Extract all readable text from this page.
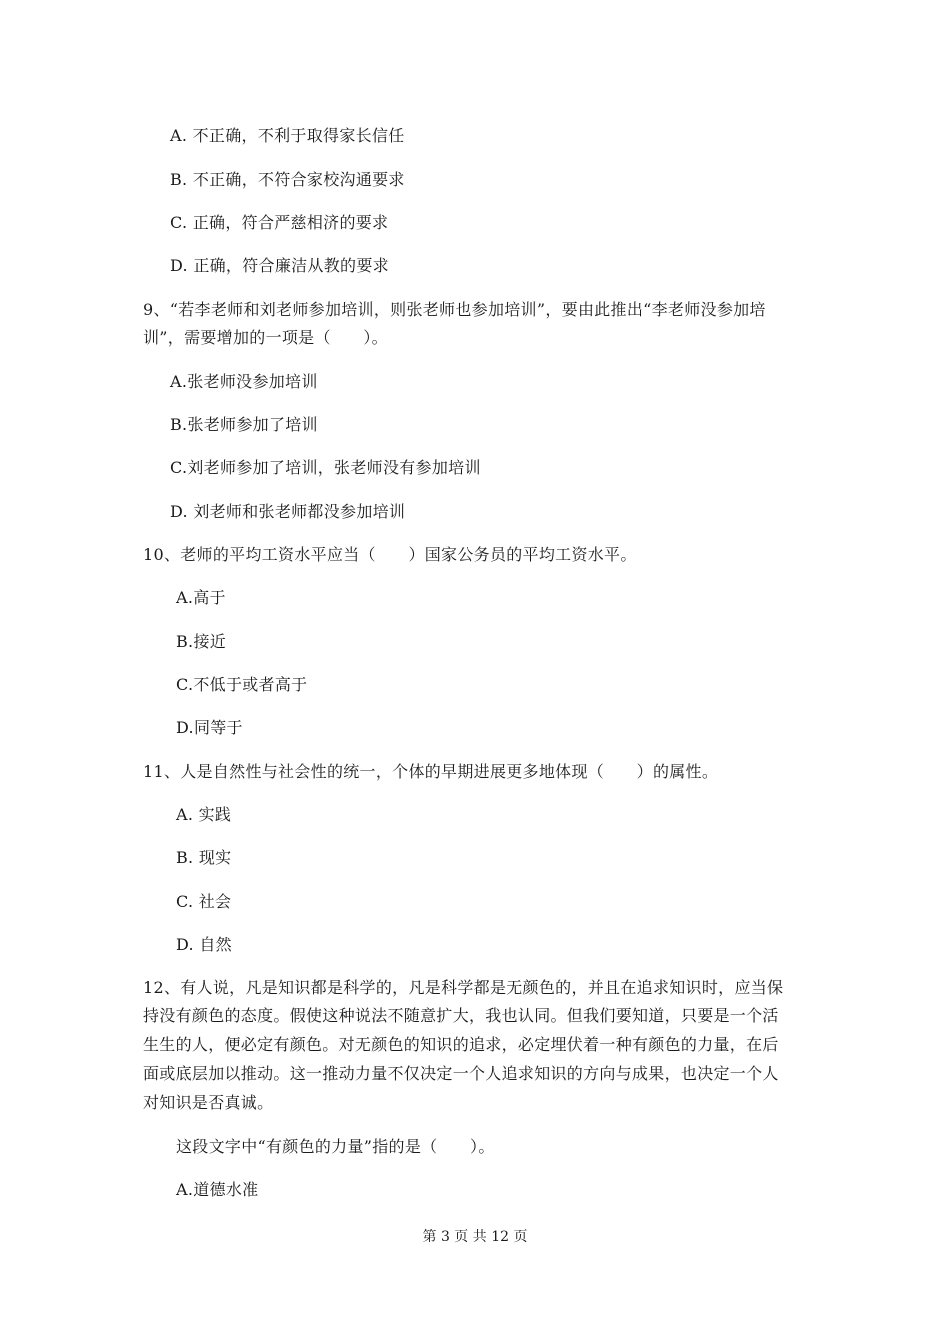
A. 不正确，不利于取得家长信任
B. 不正确，不符合家校沟通要求
C. 正确，符合严慈相济的要求
D. 正确，符合廉洁从教的要求
9、“若李老师和刘老师参加培训，则张老师也参加培训”，要由此推出“李老师没参加培
训”，需要增加的一项是（　　）。
A.张老师没参加培训
B.张老师参加了培训
C.刘老师参加了培训，张老师没有参加培训
D. 刘老师和张老师都没参加培训
10、老师的平均工资水平应当（　　）国家公务员的平均工资水平。
A.高于
B.接近
C.不低于或者高于
D.同等于
11、人是自然性与社会性的统一，个体的早期进展更多地体现（　　）的属性。
A. 实践
B. 现实
C. 社会
D. 自然
12、有人说，凡是知识都是科学的，凡是科学都是无颜色的，并且在追求知识时，应当保
持没有颜色的态度。假使这种说法不随意扩大，我也认同。但我们要知道，只要是一个活
生生的人，便必定有颜色。对无颜色的知识的追求，必定埋伏着一种有颜色的力量，在后
面或底层加以推动。这一推动力量不仅决定一个人追求知识的方向与成果，也决定一个人
对知识是否真诚。
这段文字中“有颜色的力量”指的是（　　）。
A.道德水准
第 3 页 共 12 页
